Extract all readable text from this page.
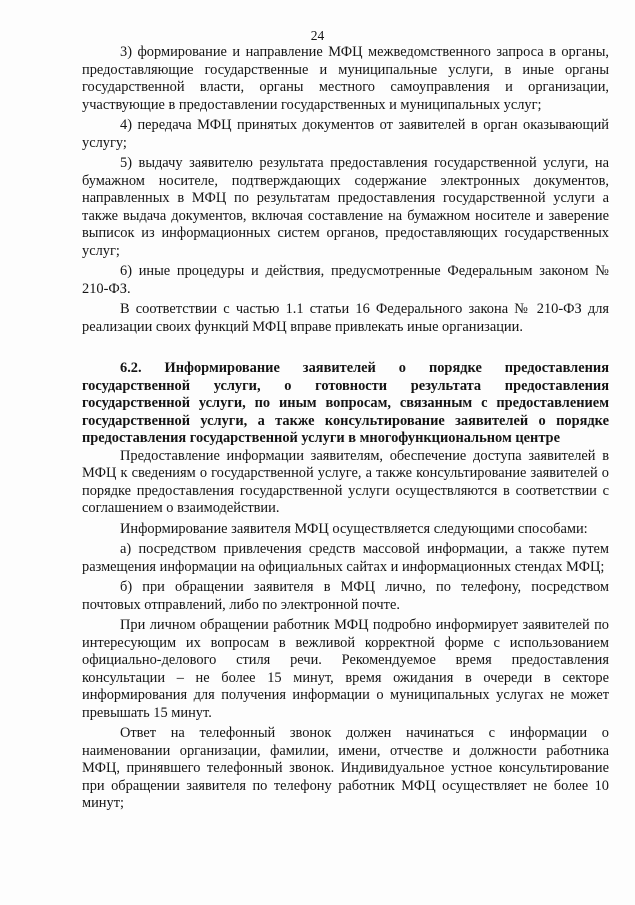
24

3) формирование и направление МФЦ межведомственного запроса в органы, предоставляющие государственные и муниципальные услуги, в иные органы государственной власти, органы местного самоуправления и организации, участвующие в предоставлении государственных и муниципальных услуг;

4) передача МФЦ принятых документов от заявителей в орган оказывающий услугу;

5) выдачу заявителю результата предоставления государственной услуги, на бумажном носителе, подтверждающих содержание электронных документов, направленных в МФЦ по результатам предоставления государственной услуги а также выдача документов, включая составление на бумажном носителе и заверение выписок из информационных систем органов, предоставляющих государственных услуг;

6) иные процедуры и действия, предусмотренные Федеральным законом № 210-ФЗ.

В соответствии с частью 1.1 статьи 16 Федерального закона № 210-ФЗ для реализации своих функций МФЦ вправе привлекать иные организации.

6.2. Информирование заявителей о порядке предоставления государственной услуги, о готовности результата предоставления государственной услуги, по иным вопросам, связанным с предоставлением государственной услуги, а также консультирование заявителей о порядке предоставления государственной услуги в многофункциональном центре

Предоставление информации заявителям, обеспечение доступа заявителей в МФЦ к сведениям о государственной услуге, а также консультирование заявителей о порядке предоставления государственной услуги осуществляются в соответствии с соглашением о взаимодействии.

Информирование заявителя МФЦ осуществляется следующими способами:

а) посредством привлечения средств массовой информации, а также путем размещения информации на официальных сайтах и информационных стендах МФЦ;

б) при обращении заявителя в МФЦ лично, по телефону, посредством почтовых отправлений, либо по электронной почте.

При личном обращении работник МФЦ подробно информирует заявителей по интересующим их вопросам в вежливой корректной форме с использованием официально-делового стиля речи. Рекомендуемое время предоставления консультации – не более 15 минут, время ожидания в очереди в секторе информирования для получения информации о муниципальных услугах не может превышать 15 минут.

Ответ на телефонный звонок должен начинаться с информации о наименовании организации, фамилии, имени, отчестве и должности работника МФЦ, принявшего телефонный звонок. Индивидуальное устное консультирование при обращении заявителя по телефону работник МФЦ осуществляет не более 10 минут;
